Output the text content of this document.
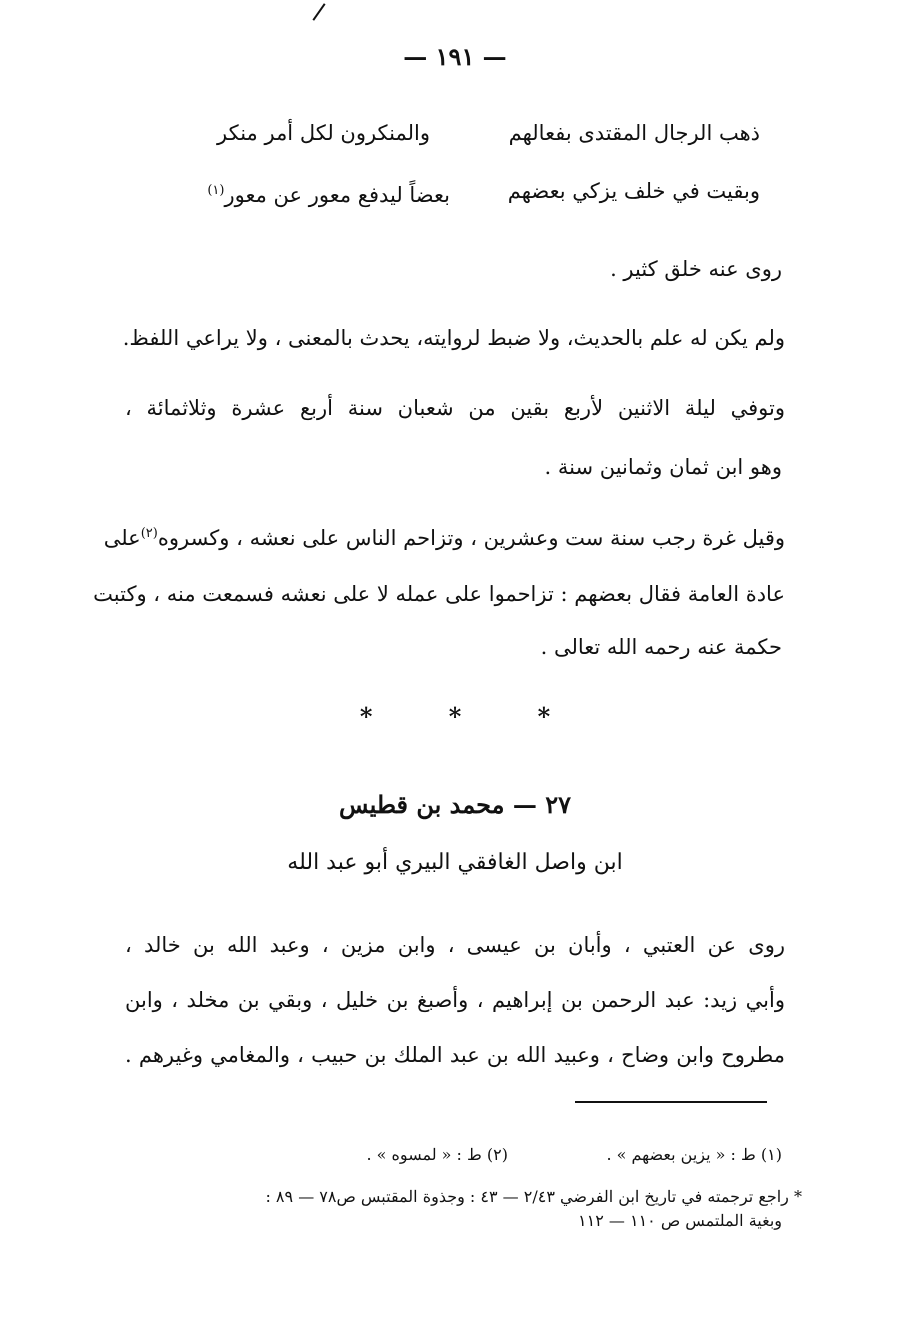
— ١٩١ —
ذهب الرجال المقتدى بفعالهم
والمنكرون لكل أمر منكر
وبقيت في خلف يزكي بعضهم
بعضاً ليدفع معور عن معور$^{(١)}$
روى عنه خلق كثير .
ولم يكن له علم بالحديث، ولا ضبط لروايته، يحدث بالمعنى ، ولا يراعي اللفظ.
وتوفي ليلة الاثنين لأربع بقين من شعبان سنة أربع عشرة وثلاثمائة ،
وهو ابن ثمان وثمانين سنة .
وقيل غرة رجب سنة ست وعشرين ، وتزاحم الناس على نعشه ، وكسروه$^{(٢)}$على
عادة العامة فقال بعضهم : تزاحموا على عمله لا على نعشه فسمعت منه ، وكتبت
حكمة عنه رحمه الله تعالى .
* * *
٢٧ — محمد بن قطيس
ابن واصل الغافقي البيري أبو عبد الله
روى عن العتبي ، وأبان بن عيسى ، وابن مزين ، وعبد الله بن خالد ،
وأبي زيد: عبد الرحمن بن إبراهيم ، وأصبغ بن خليل ، وبقي بن مخلد ، وابن
مطروح وابن وضاح ، وعبيد الله بن عبد الملك بن حبيب ، والمغامي وغيرهم .
(١) ط : « يزين بعضهم » .
(٢) ط : « لمسوه » .
* راجع ترجمته في تاريخ ابن الفرضي ٢/٤٣ — ٤٣ : وجذوة المقتبس ص٧٨ — ٨٩ :
وبغية الملتمس ص ١١٠ — ١١٢
